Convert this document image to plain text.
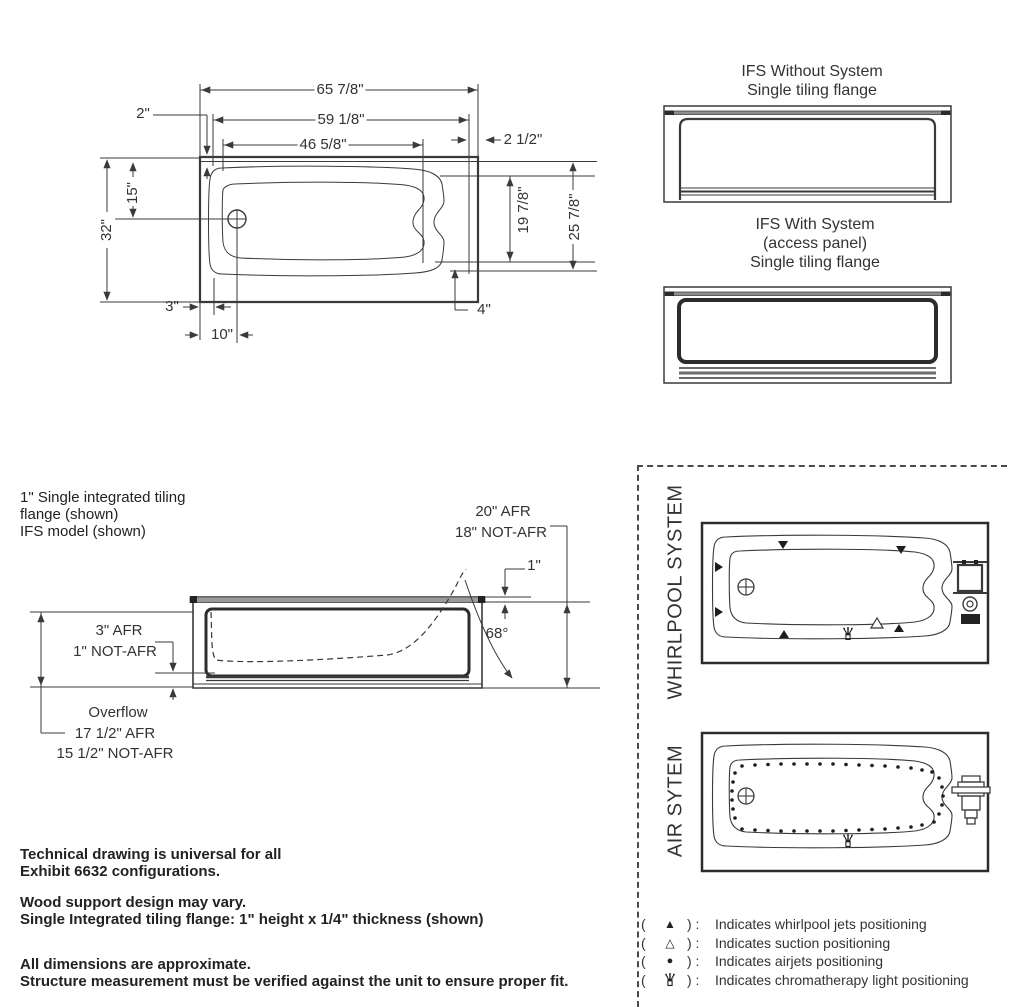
65 7/8"
59 1/8"
46 5/8"
2"
2 1/2"
15"
32"	19 7/8" 25 7/8"
3"
10"
4"
IFS Without System
Single tiling flange
IFS With System
(access panel)
Single tiling flange
1" Single integrated tiling
flange (shown)
IFS model (shown)
20" AFR
18" NOT-AFR
1"
68°
3" AFR
1" NOT-AFR
Overflow
17 1/2" AFR
15 1/2" NOT-AFR
Technical drawing is universal for all
Exhibit 6632 configurations.
Wood support design may vary.
Single Integrated tiling flange: 1" height x 1/4" thickness (shown)
All dimensions are approximate.
Structure measurement must be verified against the unit to ensure proper fit.
WHIRLPOOL SYSTEM
AIR SYTEM
(	▲ ) :	Indicates whirlpool jets positioning
(	△ ) :	Indicates suction positioning
(	● ) :	Indicates airjets positioning
(	) :	Indicates chromatherapy light positioning
